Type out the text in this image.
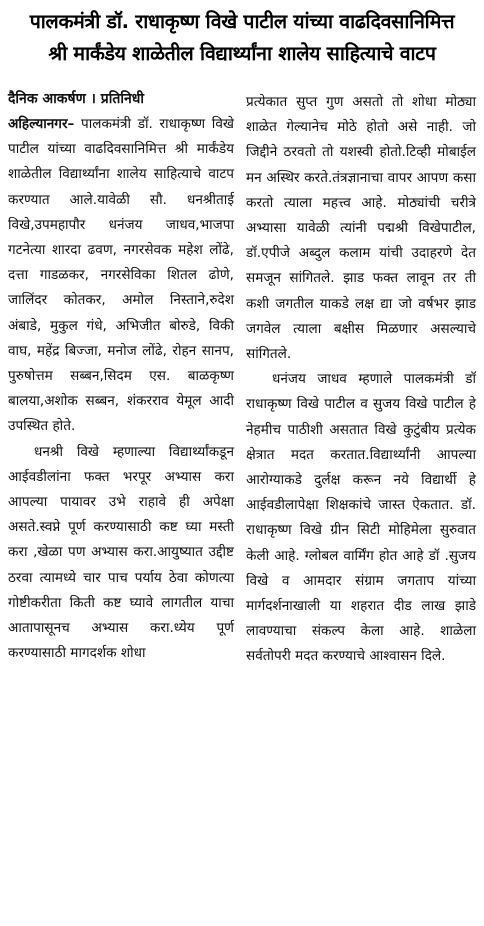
पालकमंत्री डॉ. राधाकृष्ण विखे पाटील यांच्या वाढदिवसानिमित्त
श्री मार्कंडेय शाळेतील विद्यार्थ्यांना शालेय साहित्याचे वाटप
दैनिक आकर्षण । प्रतिनिधी

अहिल्यानगर– पालकमंत्री डॉ. राधाकृष्ण विखे पाटील यांच्या वाढदिवसानिमित्त श्री मार्कंडेय शाळेतील विद्यार्थ्यांना शालेय साहित्याचे वाटप करण्यात आले.यावेळी सौ. धनश्रीताई विखे,उपमहापौर धनंजय जाधव,भाजपा गटनेत्या शारदा ढवण, नगरसेवक महेश लोंढे, दत्ता गाडळकर, नगरसेविका शितल ढोणे, जालिंदर कोतकर, अमोल निस्ताने,रुदेश अंबाडे, मुकुल गंधे, अभिजीत बोरुडे, विकी वाघ, महेंद्र बिज्जा, मनोज लोंढे, रोहन सानप, पुरुषोत्तम सब्बन,सिदम एस. बाळकृष्ण बालया,अशोक सब्बन, शंकरराव येमूल आदी उपस्थित होते.

धनश्री विखे म्हणाल्या विद्यार्थ्यांकडून आईवडीलांना फक्त भरपूर अभ्यास करा आपल्या पायावर उभे राहावे ही अपेक्षा असते.स्वप्ने पूर्ण करण्यासाठी कष्ट घ्या मस्ती करा ,खेळा पण अभ्यास करा.आयुष्यात उद्दीष्ट ठरवा त्यामध्ये चार पाच पर्याय ठेवा कोणत्या गोष्टीकरीता किती कष्ट घ्यावे लागतील याचा आतापासूनच अभ्यास करा.ध्येय पूर्ण करण्यासाठी मागदर्शक शोधा

प्रत्येकात सुप्त गुण असतो तो शोधा मोठ्या शाळेत गेल्यानेच मोठे होतो असे नाही. जो जिद्दीने ठरवतो तो यशस्वी होतो.टिव्ही मोबाईल मन अस्थिर करते.तंत्रज्ञानाचा वापर आपण कसा करतो त्याला महत्त्व आहे. मोठ्यांची चरीत्रे अभ्यासा यावेळी त्यांनी पद्मश्री विखेपाटील, डॉ.एपीजे अब्दुल कलाम यांची उदाहरणे देत समजून सांगितले. झाड फक्त लावून तर ती कशी जगतील याकडे लक्ष द्या जो वर्षभर झाड जगवेल त्याला बक्षीस मिळणार असल्याचे सांगितले.

धनंजय जाधव म्हणाले पालकमंत्री डॉ राधाकृष्ण विखे पाटील व सुजय विखे पाटील हे नेहमीच पाठीशी असतात विखे कुटुंबीय प्रत्येक क्षेत्रात मदत करतात.विद्यार्थ्यांनी आपल्या आरोग्याकडे दुर्लक्ष करून नये विद्यार्थी हे आईवडीलापेक्षा शिक्षकांचे जास्त ऐकतात. डॉ. राधाकृष्ण विखे ग्रीन सिटी मोहिमेला सुरुवात केली आहे. ग्लोबल वार्मिंग होत आहे डॉ .सुजय विखे व आमदार संग्राम जगताप यांच्या मार्गदर्शनाखाली या शहरात दीड लाख झाडे लावण्याचा संकल्प केला आहे. शाळेला सर्वतोपरी मदत करण्याचे आश्वासन दिले.
